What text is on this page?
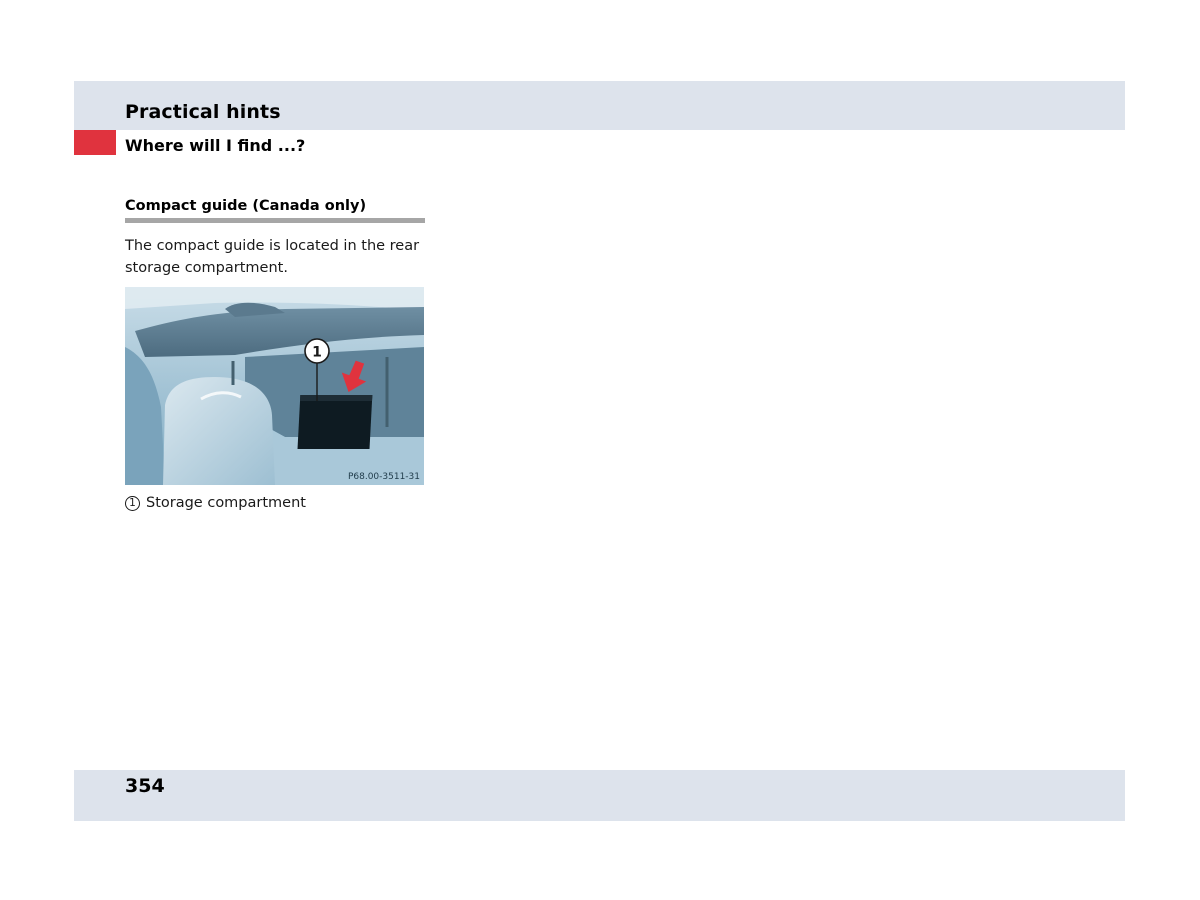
Practical hints
Where will I find ...?
Compact guide (Canada only)
The compact guide is located in the rear storage compartment.
1
P68.00-3511-31
1 Storage compartment
354
